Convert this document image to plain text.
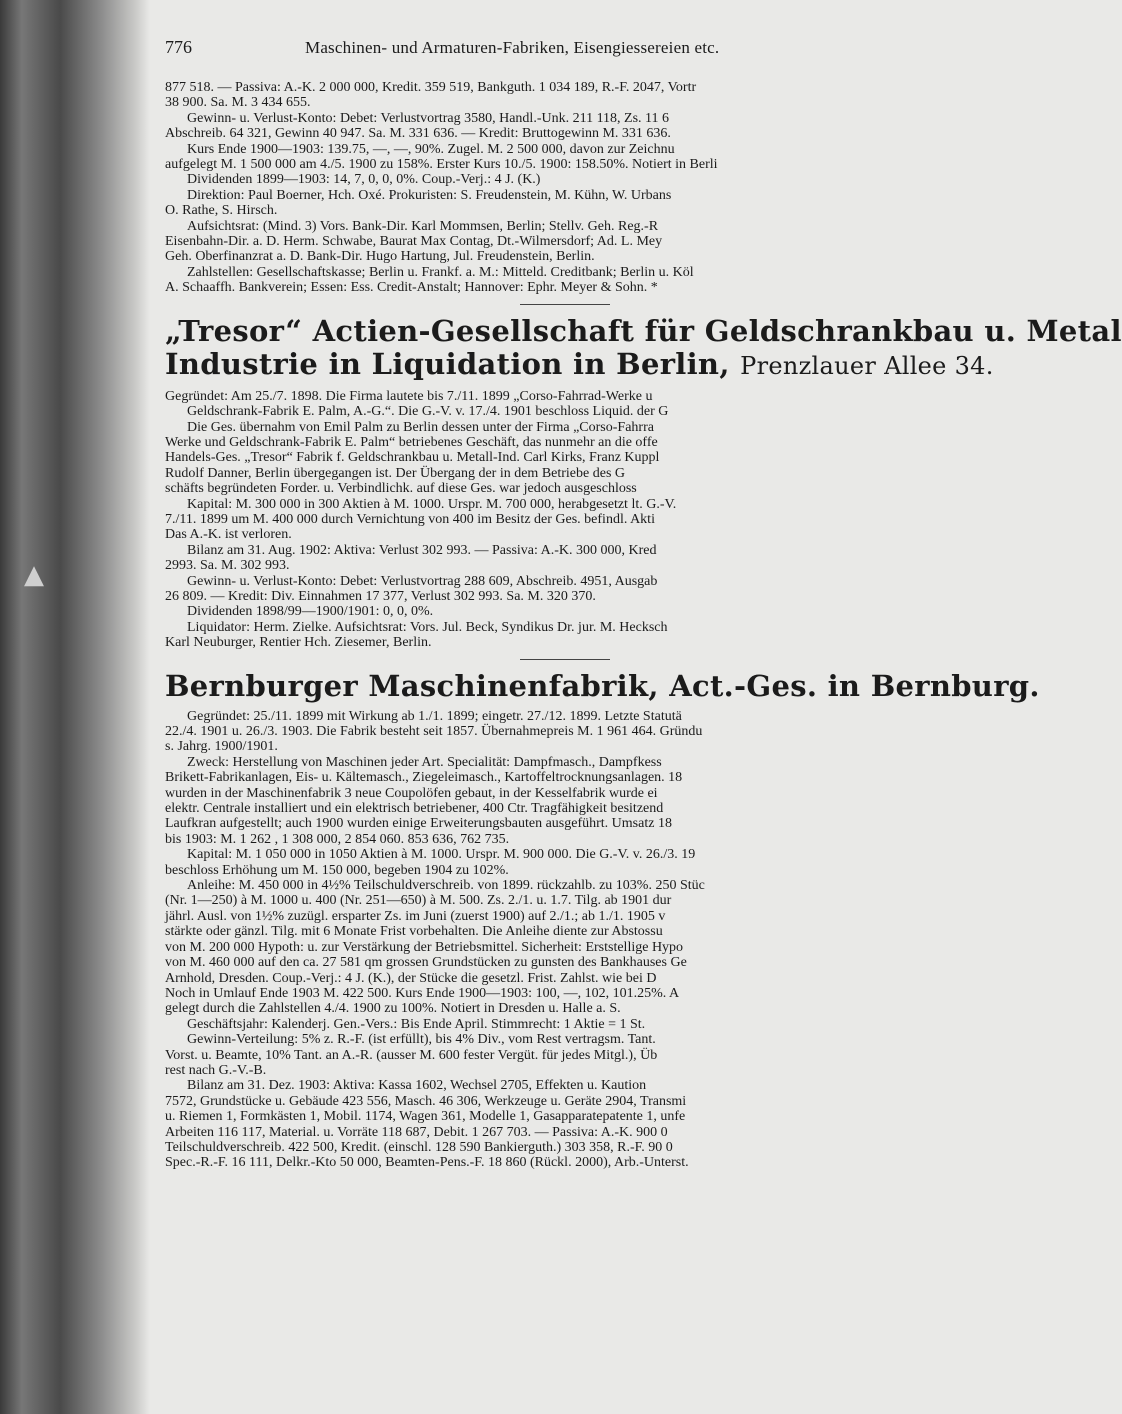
▲
776	Maschinen- und Armaturen-Fabriken, Eisengiessereien etc.

877 518. — Passiva: A.-K. 2 000 000, Kredit. 359 519, Bankguth. 1 034 189, R.-F. 2047, Vortr

38 900. Sa. M. 3 434 655.

Gewinn- u. Verlust-Konto: Debet: Verlustvortrag 3580, Handl.-Unk. 211 118, Zs. 11 6

Abschreib. 64 321, Gewinn 40 947. Sa. M. 331 636. — Kredit: Bruttogewinn M. 331 636.

Kurs Ende 1900—1903: 139.75, —, —, 90%. Zugel. M. 2 500 000, davon zur Zeichnu

aufgelegt M. 1 500 000 am 4./5. 1900 zu 158%. Erster Kurs 10./5. 1900: 158.50%. Notiert in Berli

Dividenden 1899—1903: 14, 7, 0, 0, 0%. Coup.-Verj.: 4 J. (K.)

Direktion: Paul Boerner, Hch. Oxé. Prokuristen: S. Freudenstein, M. Kühn, W. Urbans

O. Rathe, S. Hirsch.

Aufsichtsrat: (Mind. 3) Vors. Bank-Dir. Karl Mommsen, Berlin; Stellv. Geh. Reg.-R

Eisenbahn-Dir. a. D. Herm. Schwabe, Baurat Max Contag, Dt.-Wilmersdorf; Ad. L. Mey

Geh. Oberfinanzrat a. D. Bank-Dir. Hugo Hartung, Jul. Freudenstein, Berlin.

Zahlstellen: Gesellschaftskasse; Berlin u. Frankf. a. M.: Mitteld. Creditbank; Berlin u. Köl

A. Schaaffh. Bankverein; Essen: Ess. Credit-Anstalt; Hannover: Ephr. Meyer & Sohn. *

„Tresor“ Actien-Gesellschaft für Geldschrankbau u. Metal
Industrie in Liquidation in Berlin, Prenzlauer Allee 34.

Gegründet: Am 25./7. 1898. Die Firma lautete bis 7./11. 1899 „Corso-Fahrrad-Werke u

Geldschrank-Fabrik E. Palm, A.-G.“. Die G.-V. v. 17./4. 1901 beschloss Liquid. der G

Die Ges. übernahm von Emil Palm zu Berlin dessen unter der Firma „Corso-Fahrra

Werke und Geldschrank-Fabrik E. Palm“ betriebenes Geschäft, das nunmehr an die offe

Handels-Ges. „Tresor“ Fabrik f. Geldschrankbau u. Metall-Ind. Carl Kirks, Franz Kuppl

Rudolf Danner, Berlin übergegangen ist. Der Übergang der in dem Betriebe des G

schäfts begründeten Forder. u. Verbindlichk. auf diese Ges. war jedoch ausgeschloss

Kapital: M. 300 000 in 300 Aktien à M. 1000. Urspr. M. 700 000, herabgesetzt lt. G.-V.

7./11. 1899 um M. 400 000 durch Vernichtung von 400 im Besitz der Ges. befindl. Akti

Das A.-K. ist verloren.

Bilanz am 31. Aug. 1902: Aktiva: Verlust 302 993. — Passiva: A.-K. 300 000, Kred

2993. Sa. M. 302 993.

Gewinn- u. Verlust-Konto: Debet: Verlustvortrag 288 609, Abschreib. 4951, Ausgab

26 809. — Kredit: Div. Einnahmen 17 377, Verlust 302 993. Sa. M. 320 370.

Dividenden 1898/99—1900/1901: 0, 0, 0%.

Liquidator: Herm. Zielke. Aufsichtsrat: Vors. Jul. Beck, Syndikus Dr. jur. M. Hecksch

Karl Neuburger, Rentier Hch. Ziesemer, Berlin.

Bernburger Maschinenfabrik, Act.-Ges. in Bernburg.

Gegründet: 25./11. 1899 mit Wirkung ab 1./1. 1899; eingetr. 27./12. 1899. Letzte Statutä

22./4. 1901 u. 26./3. 1903. Die Fabrik besteht seit 1857. Übernahmepreis M. 1 961 464. Gründu

s. Jahrg. 1900/1901.

Zweck: Herstellung von Maschinen jeder Art. Specialität: Dampfmasch., Dampfkess

Brikett-Fabrikanlagen, Eis- u. Kältemasch., Ziegeleimasch., Kartoffeltrocknungsanlagen. 18

wurden in der Maschinenfabrik 3 neue Coupolöfen gebaut, in der Kesselfabrik wurde ei

elektr. Centrale installiert und ein elektrisch betriebener, 400 Ctr. Tragfähigkeit besitzend

Laufkran aufgestellt; auch 1900 wurden einige Erweiterungsbauten ausgeführt. Umsatz 18

bis 1903: M. 1 262 , 1 308 000, 2 854 060. 853 636, 762 735.

Kapital: M. 1 050 000 in 1050 Aktien à M. 1000. Urspr. M. 900 000. Die G.-V. v. 26./3. 19

beschloss Erhöhung um M. 150 000, begeben 1904 zu 102%.

Anleihe: M. 450 000 in 4½% Teilschuldverschreib. von 1899. rückzahlb. zu 103%. 250 Stüc

(Nr. 1—250) à M. 1000 u. 400 (Nr. 251—650) à M. 500. Zs. 2./1. u. 1.7. Tilg. ab 1901 dur

jährl. Ausl. von 1½% zuzügl. ersparter Zs. im Juni (zuerst 1900) auf 2./1.; ab 1./1. 1905 v

stärkte oder gänzl. Tilg. mit 6 Monate Frist vorbehalten. Die Anleihe diente zur Abstossu

von M. 200 000 Hypoth: u. zur Verstärkung der Betriebsmittel. Sicherheit: Erststellige Hypo

von M. 460 000 auf den ca. 27 581 qm grossen Grundstücken zu gunsten des Bankhauses Ge

Arnhold, Dresden. Coup.-Verj.: 4 J. (K.), der Stücke die gesetzl. Frist. Zahlst. wie bei D

Noch in Umlauf Ende 1903 M. 422 500. Kurs Ende 1900—1903: 100, —, 102, 101.25%. A

gelegt durch die Zahlstellen 4./4. 1900 zu 100%. Notiert in Dresden u. Halle a. S.

Geschäftsjahr: Kalenderj. Gen.-Vers.: Bis Ende April. Stimmrecht: 1 Aktie = 1 St.

Gewinn-Verteilung: 5% z. R.-F. (ist erfüllt), bis 4% Div., vom Rest vertragsm. Tant.

Vorst. u. Beamte, 10% Tant. an A.-R. (ausser M. 600 fester Vergüt. für jedes Mitgl.), Üb

rest nach G.-V.-B.

Bilanz am 31. Dez. 1903: Aktiva: Kassa 1602, Wechsel 2705, Effekten u. Kaution

7572, Grundstücke u. Gebäude 423 556, Masch. 46 306, Werkzeuge u. Geräte 2904, Transmi

u. Riemen 1, Formkästen 1, Mobil. 1174, Wagen 361, Modelle 1, Gasapparatepatente 1, unfe

Arbeiten 116 117, Material. u. Vorräte 118 687, Debit. 1 267 703. — Passiva: A.-K. 900 0

Teilschuldverschreib. 422 500, Kredit. (einschl. 128 590 Bankierguth.) 303 358, R.-F. 90 0

Spec.-R.-F. 16 111, Delkr.-Kto 50 000, Beamten-Pens.-F. 18 860 (Rückl. 2000), Arb.-Unterst.
